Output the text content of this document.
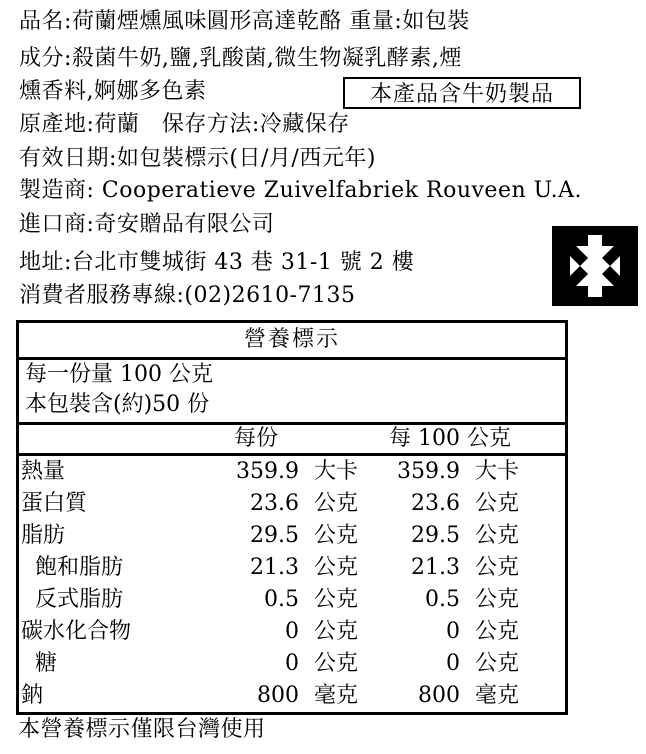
品名:荷蘭煙燻風味圓形高達乾酪 重量:如包裝
成分:殺菌牛奶,鹽,乳酸菌,微生物凝乳酵素,煙
燻香料,婀娜多色素	本產品含牛奶製品
原產地:荷蘭   保存方法:冷藏保存
有效日期:如包裝標示(日/月/西元年)
製造商: Cooperatieve Zuivelfabriek Rouveen U.A.
進口商:奇安贈品有限公司
地址:台北市雙城街 43 巷 31-1 號 2 樓
消費者服務專線:(02)2610-7135
營養標示
每一份量 100 公克
本包裝含(約)50 份
每份	每 100 公克
熱量	359.9 大卡	359.9 大卡
蛋白質	23.6 公克	23.6 公克
脂肪	29.5 公克	29.5 公克
飽和脂肪	21.3 公克	21.3 公克
反式脂肪	0.5 公克	0.5 公克
碳水化合物	0 公克	0 公克
糖	0 公克	0 公克
鈉	800 毫克	800 毫克
本營養標示僅限台灣使用
